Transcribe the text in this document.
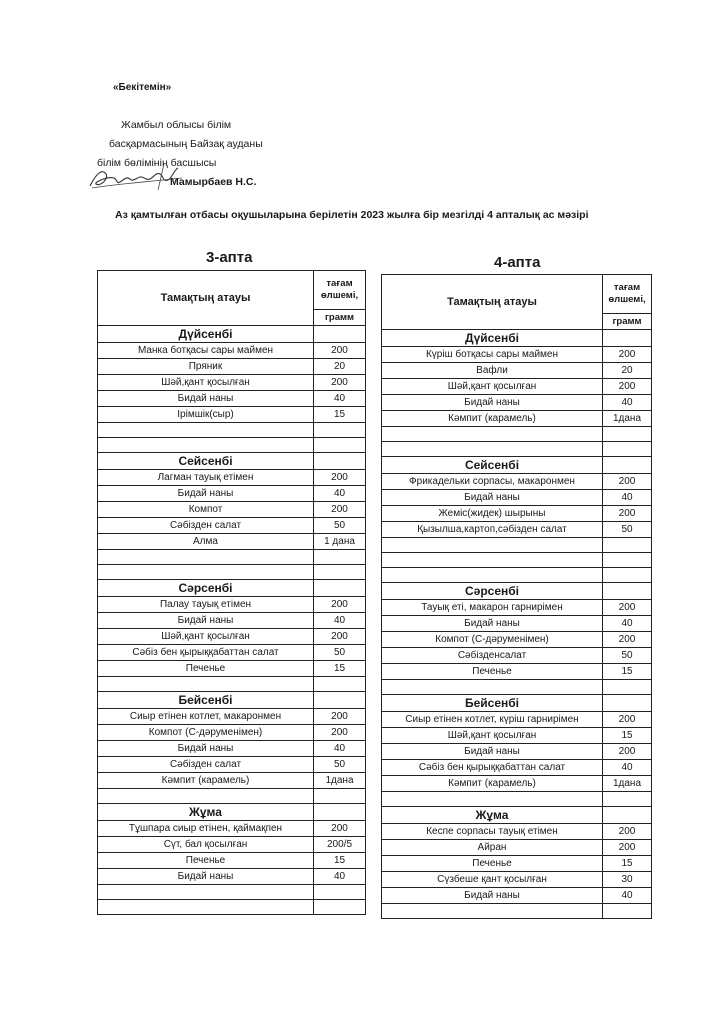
«Бекітемін»
Жамбыл облысы білім
басқармасының Байзақ ауданы
білім бөлімінің басшысы
Мамырбаев Н.С.
Аз қамтылған отбасы оқушыларына берілетін 2023 жылға бір мезгілді 4 апталық ас мәзірі
3-апта	4-апта
Тамақтың атауы	тағам өлшемі,
	грамм
Дүйсенбі	
Манка ботқасы сары маймен	200
Пряник	20
Шәй,қант қосылған	200
Бидай наны	40
Ірімшік(сыр)	15

Сейсенбі	
Лагман тауық етімен	200
Бидай наны	40
Компот	200
Сәбізден салат	50
Алма	1 дана

Сәрсенбі	
Палау тауық етімен	200
Бидай наны	40
Шәй,қант қосылған	200
Сәбіз бен қырыққабаттан салат	50
Печенье	15

Бейсенбі	
Сиыр етінен котлет, макаронмен	200
Компот (С-дәруменімен)	200
Бидай наны	40
Сәбізден салат	50
Кәмпит (карамель)	1дана

Жұма	
Тұшпара сиыр етінен, қаймақпен	200
Сүт, бал қосылған	200/5
Печенье	15
Бидай наны	40

Тамақтың атауы	тағам өлшемі,
	грамм
Дүйсенбі	
Күріш ботқасы сары маймен	200
Вафли	20
Шәй,қант қосылған	200
Бидай наны	40
Кәмпит (карамель)	1дана

Сейсенбі	
Фрикадельки сорпасы, макаронмен	200
Бидай наны	40
Жеміс(жидек) шырыны	200
Қызылша,картоп,сәбізден салат	50

Сәрсенбі	
Тауық еті, макарон гарнирімен	200
Бидай наны	40
Компот (С-дәруменімен)	200
Сәбізденсалат	50
Печенье	15

Бейсенбі	
Сиыр етінен котлет, күріш гарнирімен	200
Шәй,қант қосылған	15
Бидай наны	200
Сәбіз бен қырыққабаттан салат	40
Кәмпит (карамель)	1дана

Жұма	
Кеспе сорпасы тауық етімен	200
Айран	200
Печенье	15
Сүзбеше қант қосылған	30
Бидай наны	40
